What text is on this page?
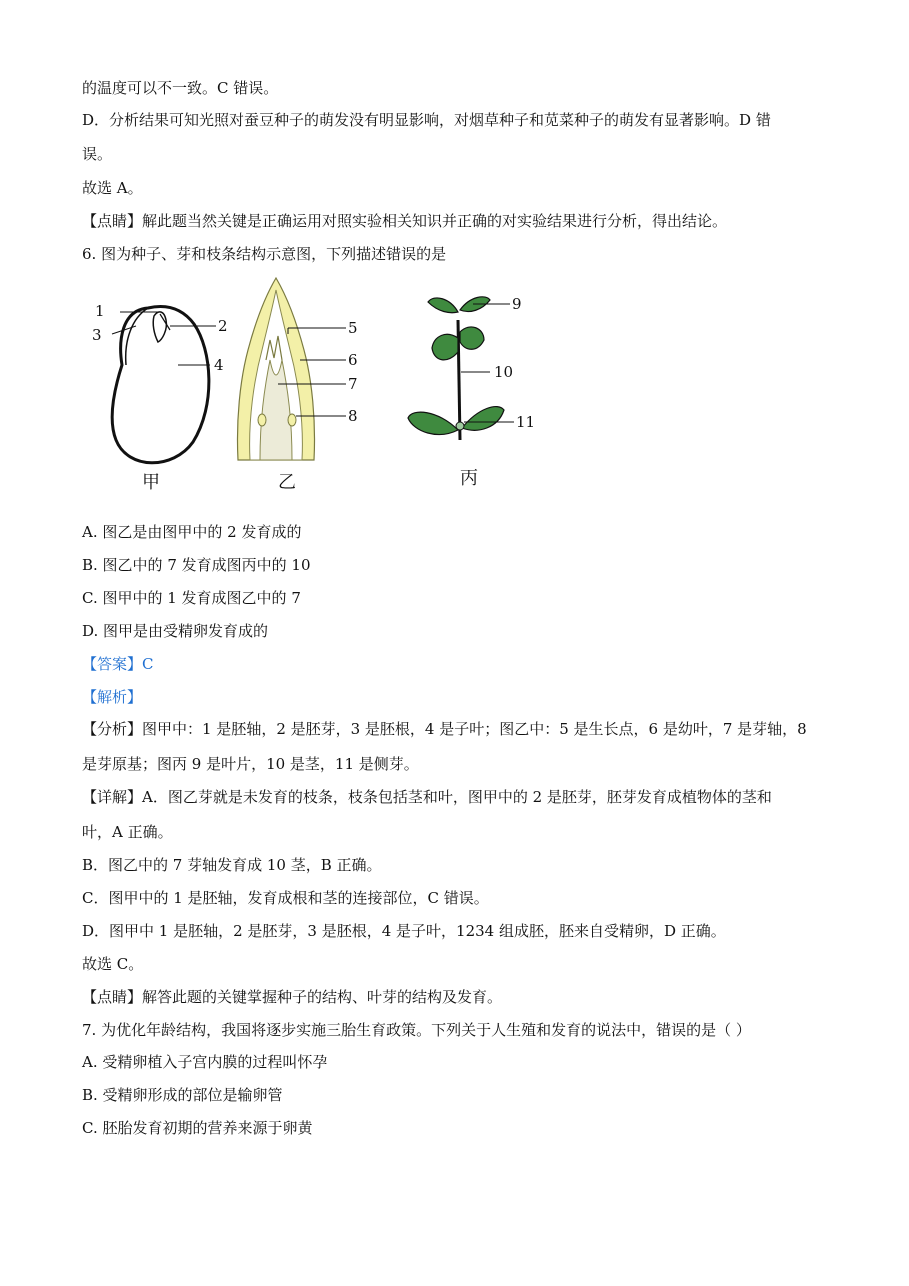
的温度可以不一致。C 错误。
D．分析结果可知光照对蚕豆种子的萌发没有明显影响，对烟草种子和苋菜种子的萌发有显著影响。D 错
误。
故选 A。
【点睛】解此题当然关键是正确运用对照实验相关知识并正确的对实验结果进行分析，得出结论。
6. 图为种子、芽和枝条结构示意图，下列描述错误的是
1
2
3
4
甲
5
6
7
8
乙
9
10
11
丙
A. 图乙是由图甲中的 2 发育成的
B. 图乙中的 7 发育成图丙中的 10
C. 图甲中的 1 发育成图乙中的 7
D. 图甲是由受精卵发育成的
【答案】C
【解析】
【分析】图甲中：1 是胚轴，2 是胚芽，3 是胚根，4 是子叶；图乙中：5 是生长点，6 是幼叶，7 是芽轴，8
是芽原基；图丙 9 是叶片，10 是茎，11 是侧芽。
【详解】A．图乙芽就是未发育的枝条，枝条包括茎和叶，图甲中的 2 是胚芽，胚芽发育成植物体的茎和
叶，A 正确。
B．图乙中的 7 芽轴发育成 10 茎，B 正确。
C．图甲中的 1 是胚轴，发育成根和茎的连接部位，C 错误。
D．图甲中 1 是胚轴，2 是胚芽，3 是胚根，4 是子叶，1234 组成胚，胚来自受精卵，D 正确。
故选 C。
【点睛】解答此题的关键掌握种子的结构、叶芽的结构及发育。
7. 为优化年龄结构，我国将逐步实施三胎生育政策。下列关于人生殖和发育的说法中，错误的是（ ）
A. 受精卵植入子宫内膜的过程叫怀孕
B. 受精卵形成的部位是输卵管
C. 胚胎发育初期的营养来源于卵黄
